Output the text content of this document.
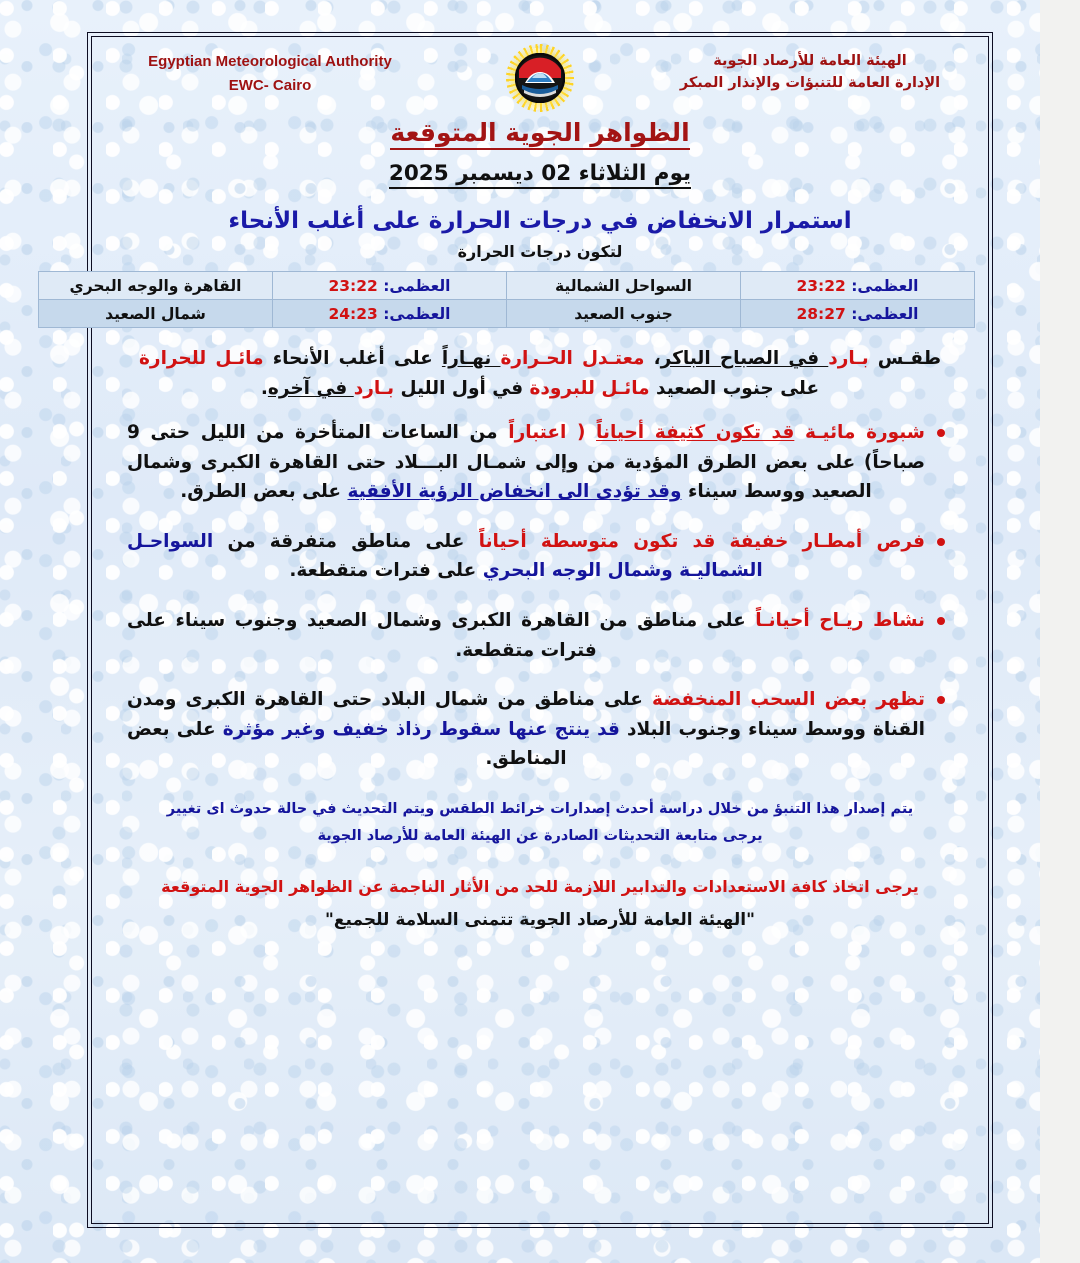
الهيئة العامة للأرصاد الجوية
الإدارة العامة للتنبؤات والإنذار المبكر
Egyptian Meteorological Authority
EWC- Cairo
الظواهر الجوية المتوقعة
يوم الثلاثاء 02 ديسمبر 2025
استمرار الانخفاض في درجات الحرارة على أغلب الأنحاء
لتكون درجات الحرارة
العظمى: 23:22	السواحل الشمالية	العظمى: 23:22	القاهرة والوجه البحري
العظمى: 28:27	جنوب الصعيد	العظمى: 24:23	شمال الصعيد
طقـس بـارد في الصباح الباكر، معتـدل الحـرارة نهـاراً على أغلب الأنحاء مائـل للحرارة على جنوب الصعيد مائـل للبرودة في أول الليل بـارد في آخره.
شبورة مائيـة قد تكون كثيفة أحياناً ( اعتباراً من الساعات المتأخرة من الليل حتى 9 صباحاً) على بعض الطرق المؤدية من وإلى شمـال البـــلاد حتى القاهرة الكبرى وشمال الصعيد ووسط سيناء وقد تؤدى الى انخفاض الرؤية الأفقية على بعض الطرق.
فرص أمطـار خفيفة قد تكون متوسطة أحياناً على مناطق متفرقة من السواحـل الشماليـة وشمال الوجه البحري على فترات متقطعة.
نشاط ريـاح أحيانـاً على مناطق من القاهرة الكبرى وشمال الصعيد وجنوب سيناء على فترات متقطعة.
تظهر بعض السحب المنخفضة على مناطق من شمال البلاد حتى القاهرة الكبرى ومدن القناة ووسط سيناء وجنوب البلاد قد ينتج عنها سقوط رذاذ خفيف وغير مؤثرة على بعض المناطق.
يتم إصدار هذا التنبؤ من خلال دراسة أحدث إصدارات خرائط الطقس ويتم التحديث في حالة حدوث اى تغيير
يرجى متابعة التحديثات الصادرة عن الهيئة العامة للأرصاد الجوية
يرجى اتخاذ كافة الاستعدادات والتدابير اللازمة للحد من الأثار الناجمة عن الظواهر الجوية المتوقعة
"الهيئة العامة للأرصاد الجوية تتمنى السلامة للجميع"
